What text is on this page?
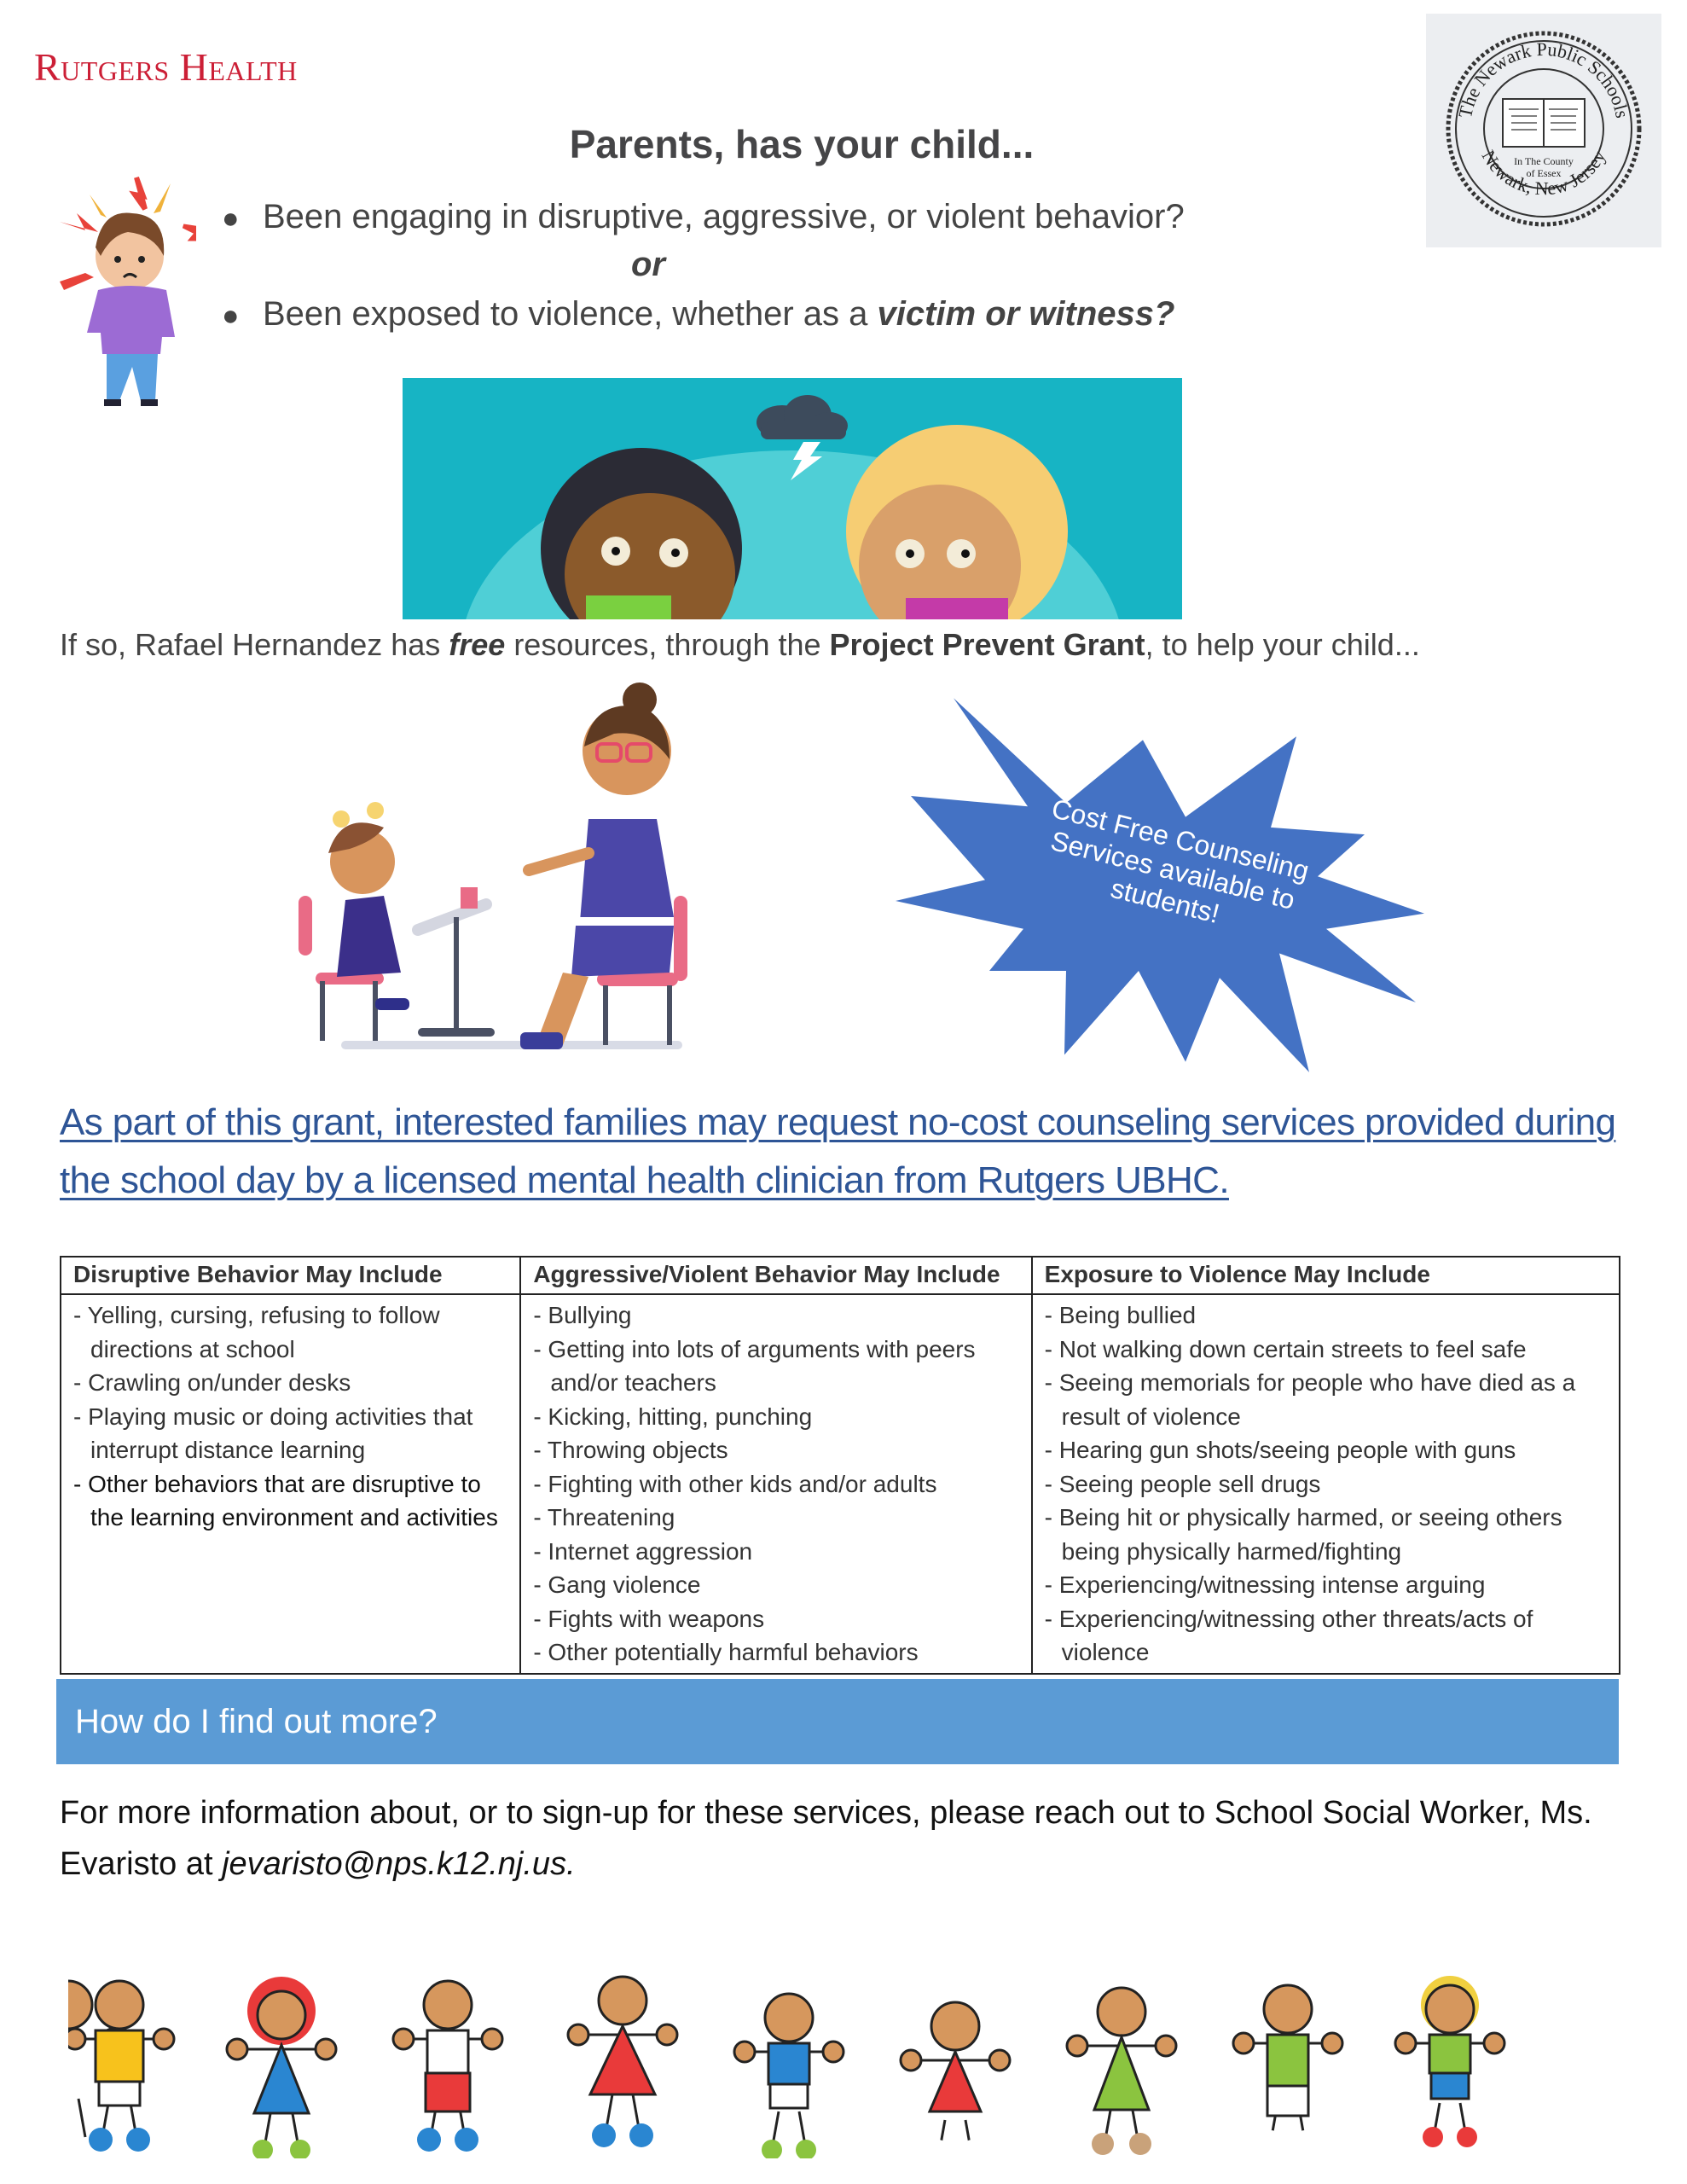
Rutgers Health
The Newark Public Schools
Newark, New Jersey
In The County
of Essex
Parents, has your child...
● Been engaging in disruptive, aggressive, or violent behavior?
or
● Been exposed to violence, whether as a victim or witness?
If so, Rafael Hernandez has free resources, through the Project Prevent Grant, to help your child...
Cost Free Counseling Services available to students!
As part of this grant, interested families may request no-cost counseling services provided during the school day by a licensed mental health clinician from Rutgers UBHC.
Disruptive Behavior May Include	Aggressive/Violent Behavior May Include	Exposure to Violence May Include

- Yelling, cursing, refusing to follow directions at school
- Crawling on/under desks
- Playing music or doing activities that interrupt distance learning
- Other behaviors that are disruptive to the learning environment and activities

- Bullying
- Getting into lots of arguments with peers and/or teachers
- Kicking, hitting, punching
- Throwing objects
- Fighting with other kids and/or adults
- Threatening
- Internet aggression
- Gang violence
- Fights with weapons
- Other potentially harmful behaviors

- Being bullied
- Not walking down certain streets to feel safe
- Seeing memorials for people who have died as a result of violence
- Hearing gun shots/seeing people with guns
- Seeing people sell drugs
- Being hit or physically harmed, or seeing others being physically harmed/fighting
- Experiencing/witnessing intense arguing
- Experiencing/witnessing other threats/acts of violence
How do I find out more?
For more information about, or to sign-up for these services, please reach out to School Social Worker, Ms. Evaristo at jevaristo@nps.k12.nj.us.
